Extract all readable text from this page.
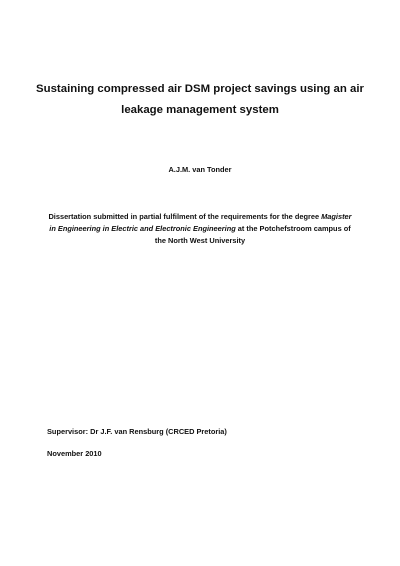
Sustaining compressed air DSM project savings using an air leakage management system

A.J.M. van Tonder

Dissertation submitted in partial fulfilment of the requirements for the degree Magister in Engineering in Electric and Electronic Engineering at the Potchefstroom campus of the North West University

Supervisor: Dr J.F. van Rensburg (CRCED Pretoria)

November 2010
